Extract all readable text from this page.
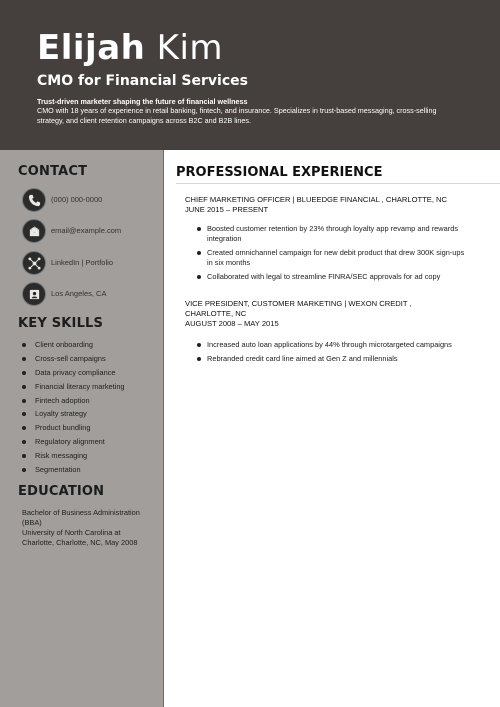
Elijah Kim
CMO for Financial Services
Trust-driven marketer shaping the future of financial wellness
CMO with 18 years of experience in retail banking, fintech, and insurance. Specializes in trust-based messaging, cross-selling strategy, and client retention campaigns across B2C and B2B lines.
CONTACT
(000) 000-0000
email@example.com
LinkedIn | Portfolio
Los Angeles, CA
KEY SKILLS
Client onboarding
Cross-sell campaigns
Data privacy compliance
Financial literacy marketing
Fintech adoption
Loyalty strategy
Product bundling
Regulatory alignment
Risk messaging
Segmentation
EDUCATION
Bachelor of Business Administration (BBA)
University of North Carolina at Charlotte, Charlotte, NC, May 2008
PROFESSIONAL EXPERIENCE
CHIEF MARKETING OFFICER | BLUEEDGE FINANCIAL , CHARLOTTE, NC
JUNE 2015 – PRESENT
Boosted customer retention by 23% through loyalty app revamp and rewards integration
Created omnichannel campaign for new debit product that drew 300K sign-ups in six months
Collaborated with legal to streamline FINRA/SEC approvals for ad copy
VICE PRESIDENT, CUSTOMER MARKETING | WEXON CREDIT , CHARLOTTE, NC
AUGUST 2008 – MAY 2015
Increased auto loan applications by 44% through microtargeted campaigns
Rebranded credit card line aimed at Gen Z and millennials
